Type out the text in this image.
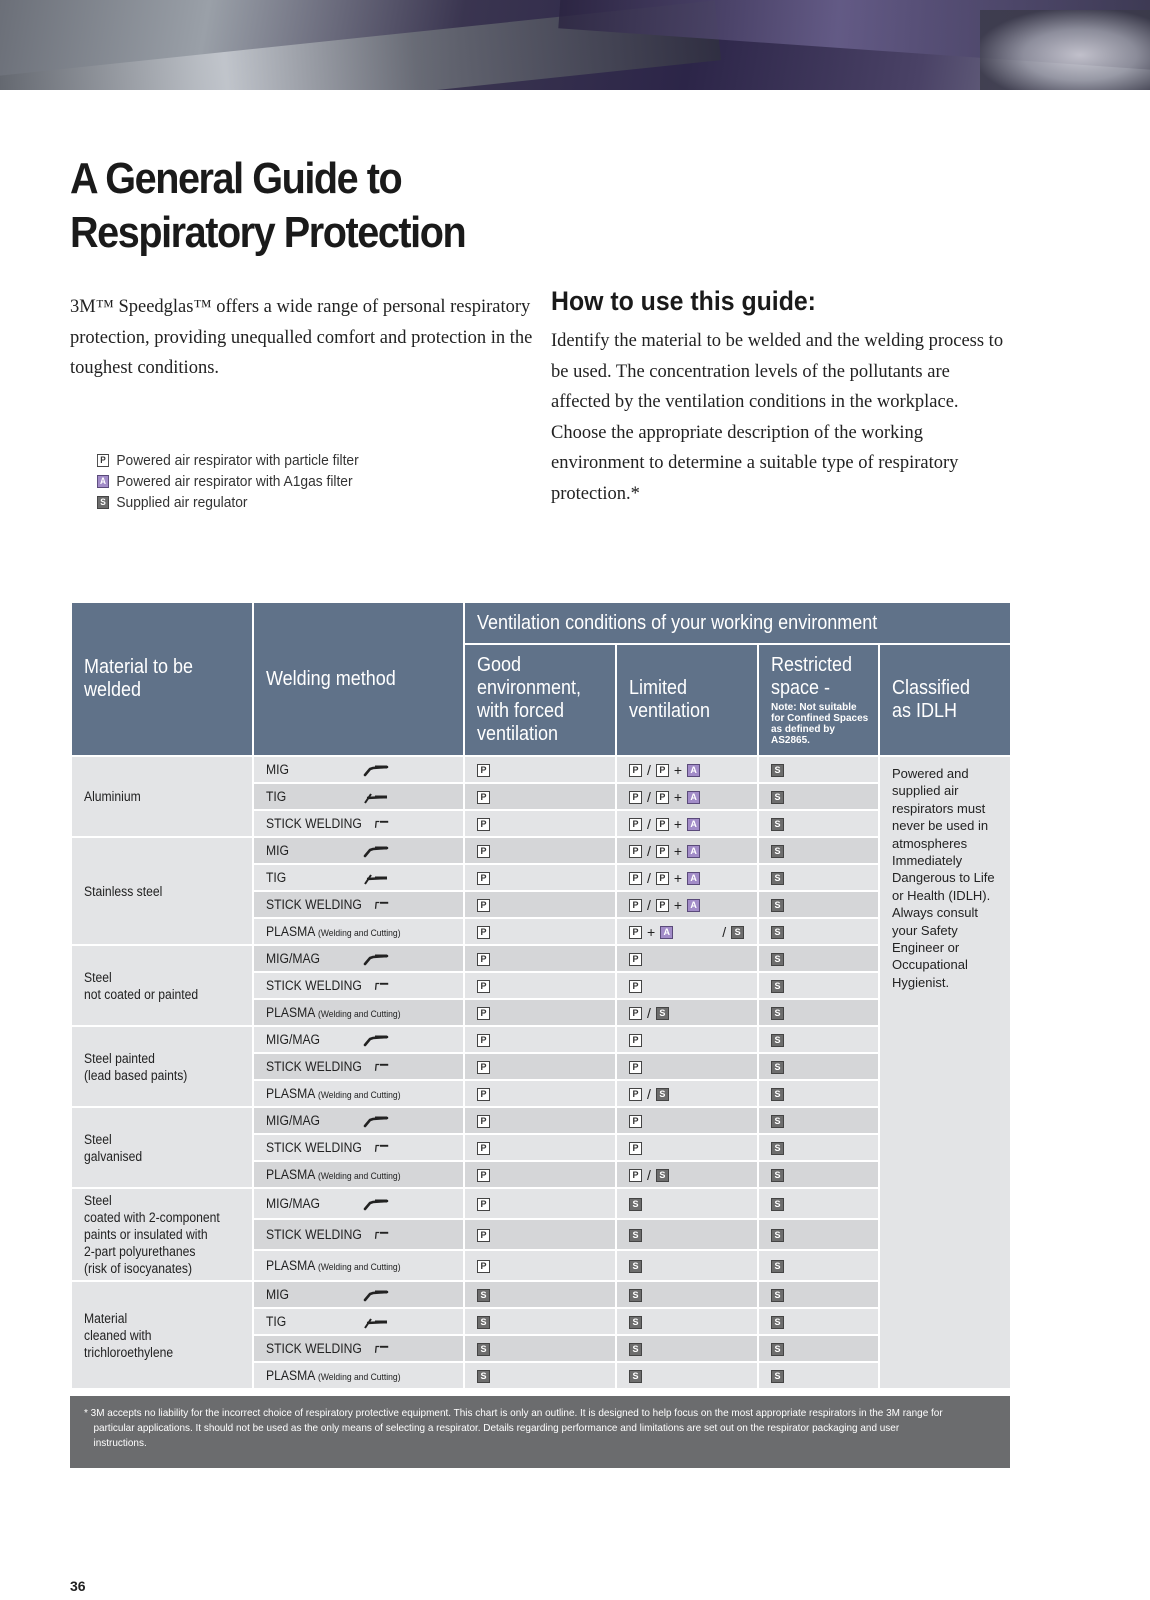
A General Guide to
Respiratory Protection

3M™ Speedglas™ offers a wide range of personal respiratory protection, providing unequalled comfort and protection in the toughest conditions.

How to use this guide:

Identify the material to be welded and the welding process to be used. The concentration levels of the pollutants are affected by the ventilation conditions in the workplace. Choose the appropriate description of the working environment to determine a suitable type of respiratory protection.*

P Powered air respirator with particle filter
A Powered air respirator with A1gas filter
S Supplied air regulator
Material to be welded	Welding method	Ventilation conditions of your working environment			
		Good environment, with forced ventilation	Limited ventilation	Restricted space -
Note: Not suitable for Confined Spaces as defined by AS2865.	Classified as IDLH
Aluminium	MIG	P	P / P + A	S	Powered and supplied air respirators must never be used in atmospheres Immediately Dangerous to Life or Health (IDLH). Always consult your Safety Engineer or Occupational Hygienist.

	TIG	P	P / P + A	S	

	STICK WELDING	P	P / P + A	S	
Stainless steel	MIG	P	P / P + A	S	

	TIG	P	P / P + A	S	

	STICK WELDING	P	P / P + A	S	

	PLASMA (Welding and Cutting)	P	P + A / S	S	
Steel
not coated or painted	MIG/MAG	P	P	S	

	STICK WELDING	P	P	S	

	PLASMA (Welding and Cutting)	P	P / S	S	
Steel painted
(lead based paints)	MIG/MAG	P	P	S	

	STICK WELDING	P	P	S	

	PLASMA (Welding and Cutting)	P	P / S	S	
Steel
galvanised	MIG/MAG	P	P	S	

	STICK WELDING	P	P	S	

	PLASMA (Welding and Cutting)	P	P / S	S	
Steel
coated with 2-component
paints or insulated with
2-part polyurethanes
(risk of isocyanates)	MIG/MAG	P	S	S	

	STICK WELDING	P	S	S	

	PLASMA (Welding and Cutting)	P	S	S	
Material
cleaned with
trichloroethylene	MIG	S	S	S	

	TIG	S	S	S	

	STICK WELDING	S	S	S	

	PLASMA (Welding and Cutting)	S	S	S	
* 3M accepts no liability for the incorrect choice of respiratory protective equipment. This chart is only an outline. It is designed to help focus on the most appropriate respirators in the 3M range for particular applications. It should not be used as the only means of selecting a respirator. Details regarding performance and limitations are set out on the respirator packaging and user instructions.
36
